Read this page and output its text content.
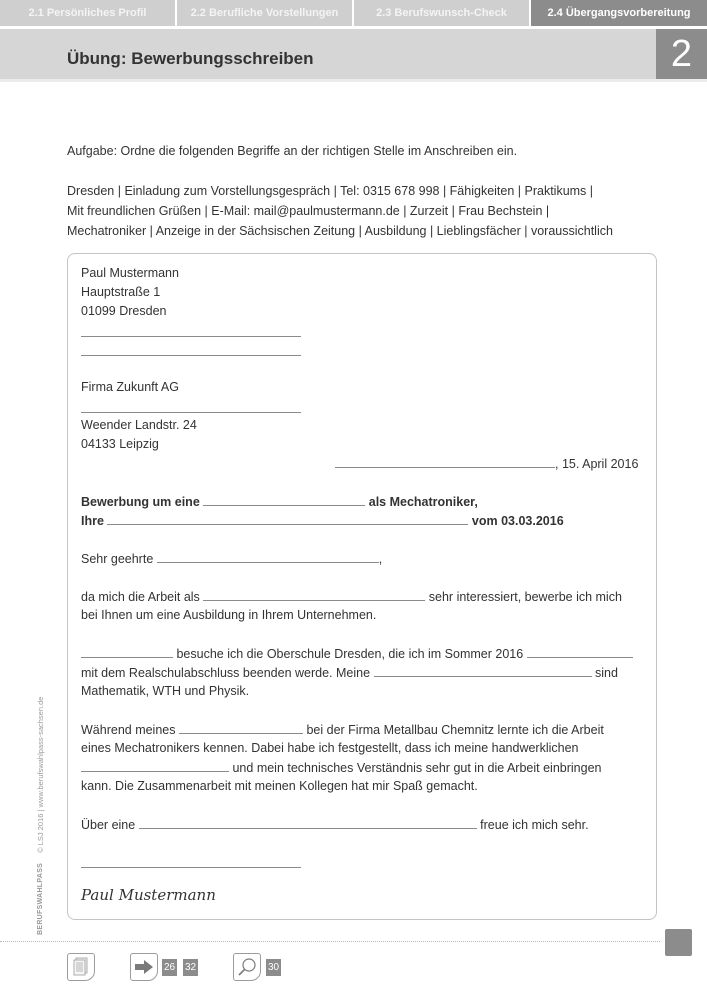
2.1 Persönliches Profil	2.2 Berufliche Vorstellungen	2.3 Berufswunsch-Check	2.4 Übergangsvorbereitung
Übung: Bewerbungsschreiben	2
Aufgabe: Ordne die folgenden Begriffe an der richtigen Stelle im Anschreiben ein.
Dresden | Einladung zum Vorstellungsgespräch | Tel: 0315 678 998 | Fähigkeiten | Praktikums |
Mit freundlichen Grüßen | E-Mail: mail@paulmustermann.de | Zurzeit | Frau Bechstein |
Mechatroniker | Anzeige in der Sächsischen Zeitung | Ausbildung | Lieblingsfächer | voraussichtlich
Paul Mustermann
Hauptstraße 1
01099 Dresden
Firma Zukunft AG
Weender Landstr. 24
04133 Leipzig
, 15. April 2016
Bewerbung um eine	als Mechatroniker,
Ihre	vom 03.03.2016
Sehr geehrte	,
da mich die Arbeit als	sehr interessiert, bewerbe ich mich
bei Ihnen um eine Ausbildung in Ihrem Unternehmen.
besuche ich die Oberschule Dresden, die ich im Sommer 2016
mit dem Realschulabschluss beenden werde. Meine	sind
Mathematik, WTH und Physik.
Während meines	bei der Firma Metallbau Chemnitz lernte ich die Arbeit
eines Mechatronikers kennen. Dabei habe ich festgestellt, dass ich meine handwerklichen
und mein technisches Verständnis sehr gut in die Arbeit einbringen
kann. Die Zusammenarbeit mit meinen Kollegen hat mir Spaß gemacht.
Über eine	freue ich mich sehr.
Paul Mustermann
BERUFSWAHLPASS
© LSJ 2016 | www.berufswahlpass-sachsen.de
26 32	30
